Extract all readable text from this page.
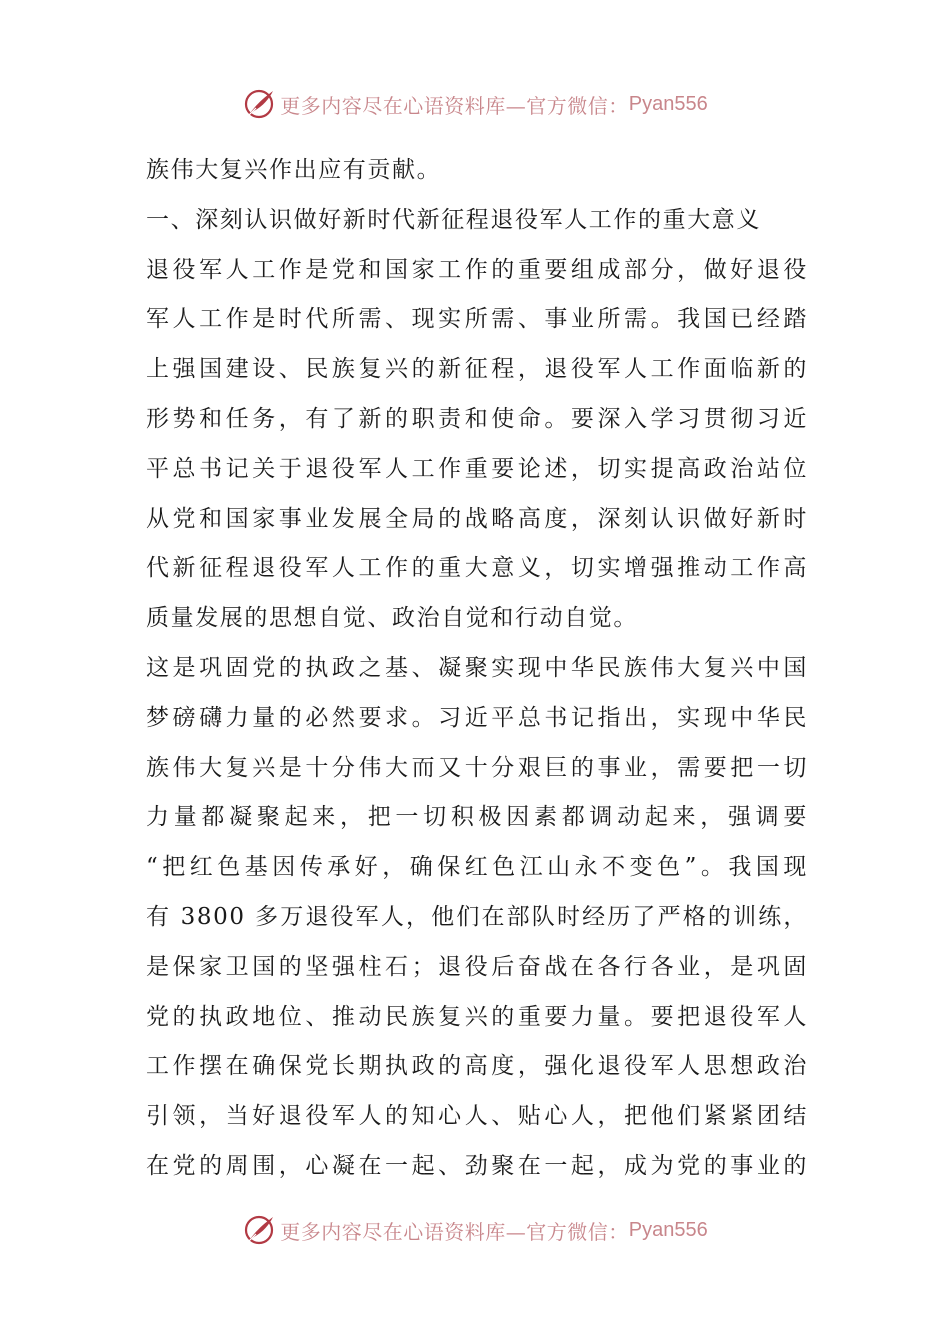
更多内容尽在心语资料库—官方微信： Pyan556
族伟大复兴作出应有贡献。
一、深刻认识做好新时代新征程退役军人工作的重大意义
退役军人工作是党和国家工作的重要组成部分，做好退役
军人工作是时代所需、现实所需、事业所需。我国已经踏
上强国建设、民族复兴的新征程，退役军人工作面临新的
形势和任务，有了新的职责和使命。要深入学习贯彻习近
平总书记关于退役军人工作重要论述，切实提高政治站位
从党和国家事业发展全局的战略高度，深刻认识做好新时
代新征程退役军人工作的重大意义，切实增强推动工作高
质量发展的思想自觉、政治自觉和行动自觉。
这是巩固党的执政之基、凝聚实现中华民族伟大复兴中国
梦磅礴力量的必然要求。习近平总书记指出，实现中华民
族伟大复兴是十分伟大而又十分艰巨的事业，需要把一切
力量都凝聚起来，把一切积极因素都调动起来，强调要
“把红色基因传承好，确保红色江山永不变色”。我国现
有 3800 多万退役军人，他们在部队时经历了严格的训练，
是保家卫国的坚强柱石；退役后奋战在各行各业，是巩固
党的执政地位、推动民族复兴的重要力量。要把退役军人
工作摆在确保党长期执政的高度，强化退役军人思想政治
引领，当好退役军人的知心人、贴心人，把他们紧紧团结
在党的周围，心凝在一起、劲聚在一起，成为党的事业的
更多内容尽在心语资料库—官方微信： Pyan556
